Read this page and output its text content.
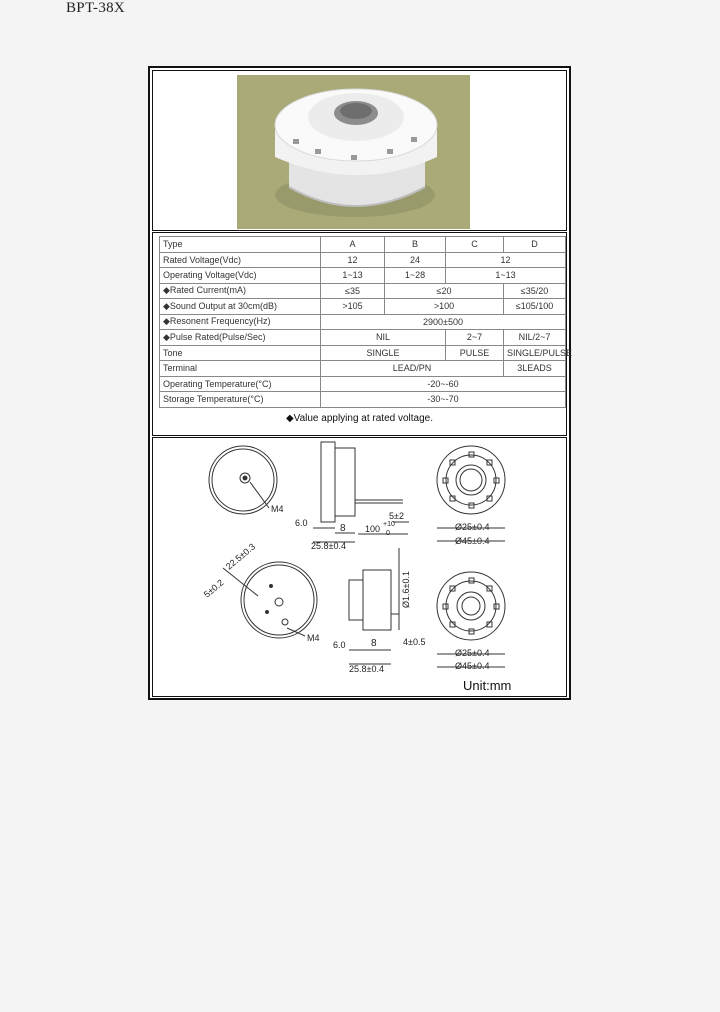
BPT-38X
Type	A	B	C	D
Rated Voltage(Vdc)	12	24	12	
Operating Voltage(Vdc)	1~13	1~28	1~13	
◆Rated Current(mA)	≤35	≤20		≤35/20
◆Sound Output at 30cm(dB)	>105	>100		≤105/100
◆Resonent Frequency(Hz)	2900±500			
◆Pulse Rated(Pulse/Sec)	NIL		2~7	NIL/2~7
Tone	SINGLE		PULSE	SINGLE/PULSE
Terminal	LEAD/PN			3LEADS
Operating Temperature(°C)	-20~-60			
Storage Temperature(°C)	-30~-70			
◆Value applying at rated voltage.
M4
6.0	8
25.8±0.4
100 +10
0
5±2
Ø25±0.4
Ø45±0.4
M4
5±0.2
22.5±0.3
Ø1.6±0.1
6.0	8
25.8±0.4
4±0.5
Ø25±0.4
Ø45±0.4
Unit:mm
